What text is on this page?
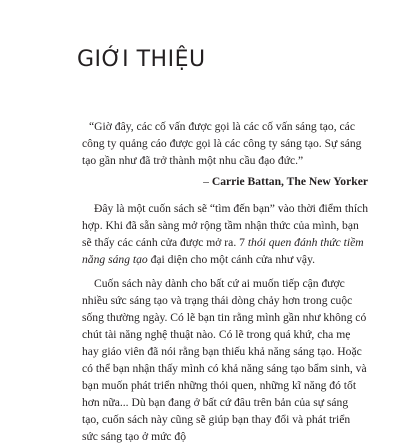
GIỚI THIỆU

“Giờ đây, các cố vấn được gọi là các cố vấn sáng tạo, các công ty quảng cáo được gọi là các công ty sáng tạo. Sự sáng tạo gần như đã trở thành một nhu cầu đạo đức.”

– Carrie Battan, The New Yorker

Đây là một cuốn sách sẽ “tìm đến bạn” vào thời điểm thích hợp. Khi đã sẵn sàng mở rộng tầm nhận thức của mình, bạn sẽ thấy các cánh cửa được mở ra. 7 thói quen đánh thức tiềm năng sáng tạo đại diện cho một cánh cửa như vậy.

Cuốn sách này dành cho bất cứ ai muốn tiếp cận được nhiều sức sáng tạo và trạng thái dòng chảy hơn trong cuộc sống thường ngày. Có lẽ bạn tin rằng mình gần như không có chút tài năng nghệ thuật nào. Có lẽ trong quá khứ, cha mẹ hay giáo viên đã nói rằng bạn thiếu khả năng sáng tạo. Hoặc có thể bạn nhận thấy mình có khả năng sáng tạo bẩm sinh, và bạn muốn phát triển những thói quen, những kĩ năng đó tốt hơn nữa... Dù bạn đang ở bất cứ đâu trên bản của sự sáng tạo, cuốn sách này cũng sẽ giúp bạn thay đổi và phát triển sức sáng tạo ở mức độ
